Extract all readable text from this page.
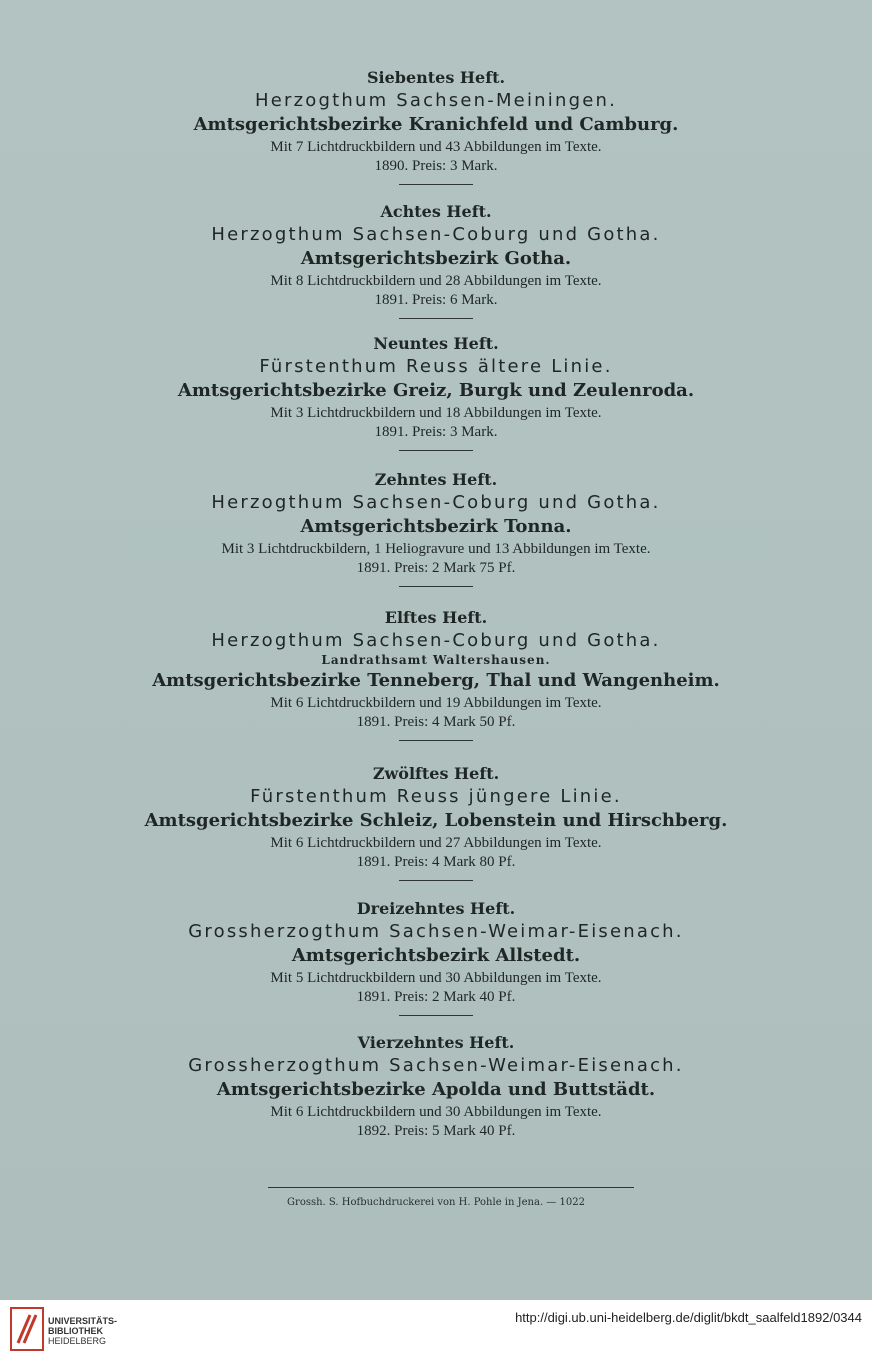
Siebentes Heft.
Herzogthum Sachsen-Meiningen.
Amtsgerichtsbezirke Kranichfeld und Camburg.
Mit 7 Lichtdruckbildern und 43 Abbildungen im Texte.
1890. Preis: 3 Mark.
Achtes Heft.
Herzogthum Sachsen-Coburg und Gotha.
Amtsgerichtsbezirk Gotha.
Mit 8 Lichtdruckbildern und 28 Abbildungen im Texte.
1891. Preis: 6 Mark.
Neuntes Heft.
Fürstenthum Reuss ältere Linie.
Amtsgerichtsbezirke Greiz, Burgk und Zeulenroda.
Mit 3 Lichtdruckbildern und 18 Abbildungen im Texte.
1891. Preis: 3 Mark.
Zehntes Heft.
Herzogthum Sachsen-Coburg und Gotha.
Amtsgerichtsbezirk Tonna.
Mit 3 Lichtdruckbildern, 1 Heliogravure und 13 Abbildungen im Texte.
1891. Preis: 2 Mark 75 Pf.
Elftes Heft.
Herzogthum Sachsen-Coburg und Gotha.
Landrathsamt Waltershausen.
Amtsgerichtsbezirke Tenneberg, Thal und Wangenheim.
Mit 6 Lichtdruckbildern und 19 Abbildungen im Texte.
1891. Preis: 4 Mark 50 Pf.
Zwölftes Heft.
Fürstenthum Reuss jüngere Linie.
Amtsgerichtsbezirke Schleiz, Lobenstein und Hirschberg.
Mit 6 Lichtdruckbildern und 27 Abbildungen im Texte.
1891. Preis: 4 Mark 80 Pf.
Dreizehntes Heft.
Grossherzogthum Sachsen-Weimar-Eisenach.
Amtsgerichtsbezirk Allstedt.
Mit 5 Lichtdruckbildern und 30 Abbildungen im Texte.
1891. Preis: 2 Mark 40 Pf.
Vierzehntes Heft.
Grossherzogthum Sachsen-Weimar-Eisenach.
Amtsgerichtsbezirke Apolda und Buttstädt.
Mit 6 Lichtdruckbildern und 30 Abbildungen im Texte.
1892. Preis: 5 Mark 40 Pf.
Grossh. S. Hofbuchdruckerei von H. Pohle in Jena. — 1022
UNIVERSITÄTS-
BIBLIOTHEK
HEIDELBERG
http://digi.ub.uni-heidelberg.de/diglit/bkdt_saalfeld1892/0344
